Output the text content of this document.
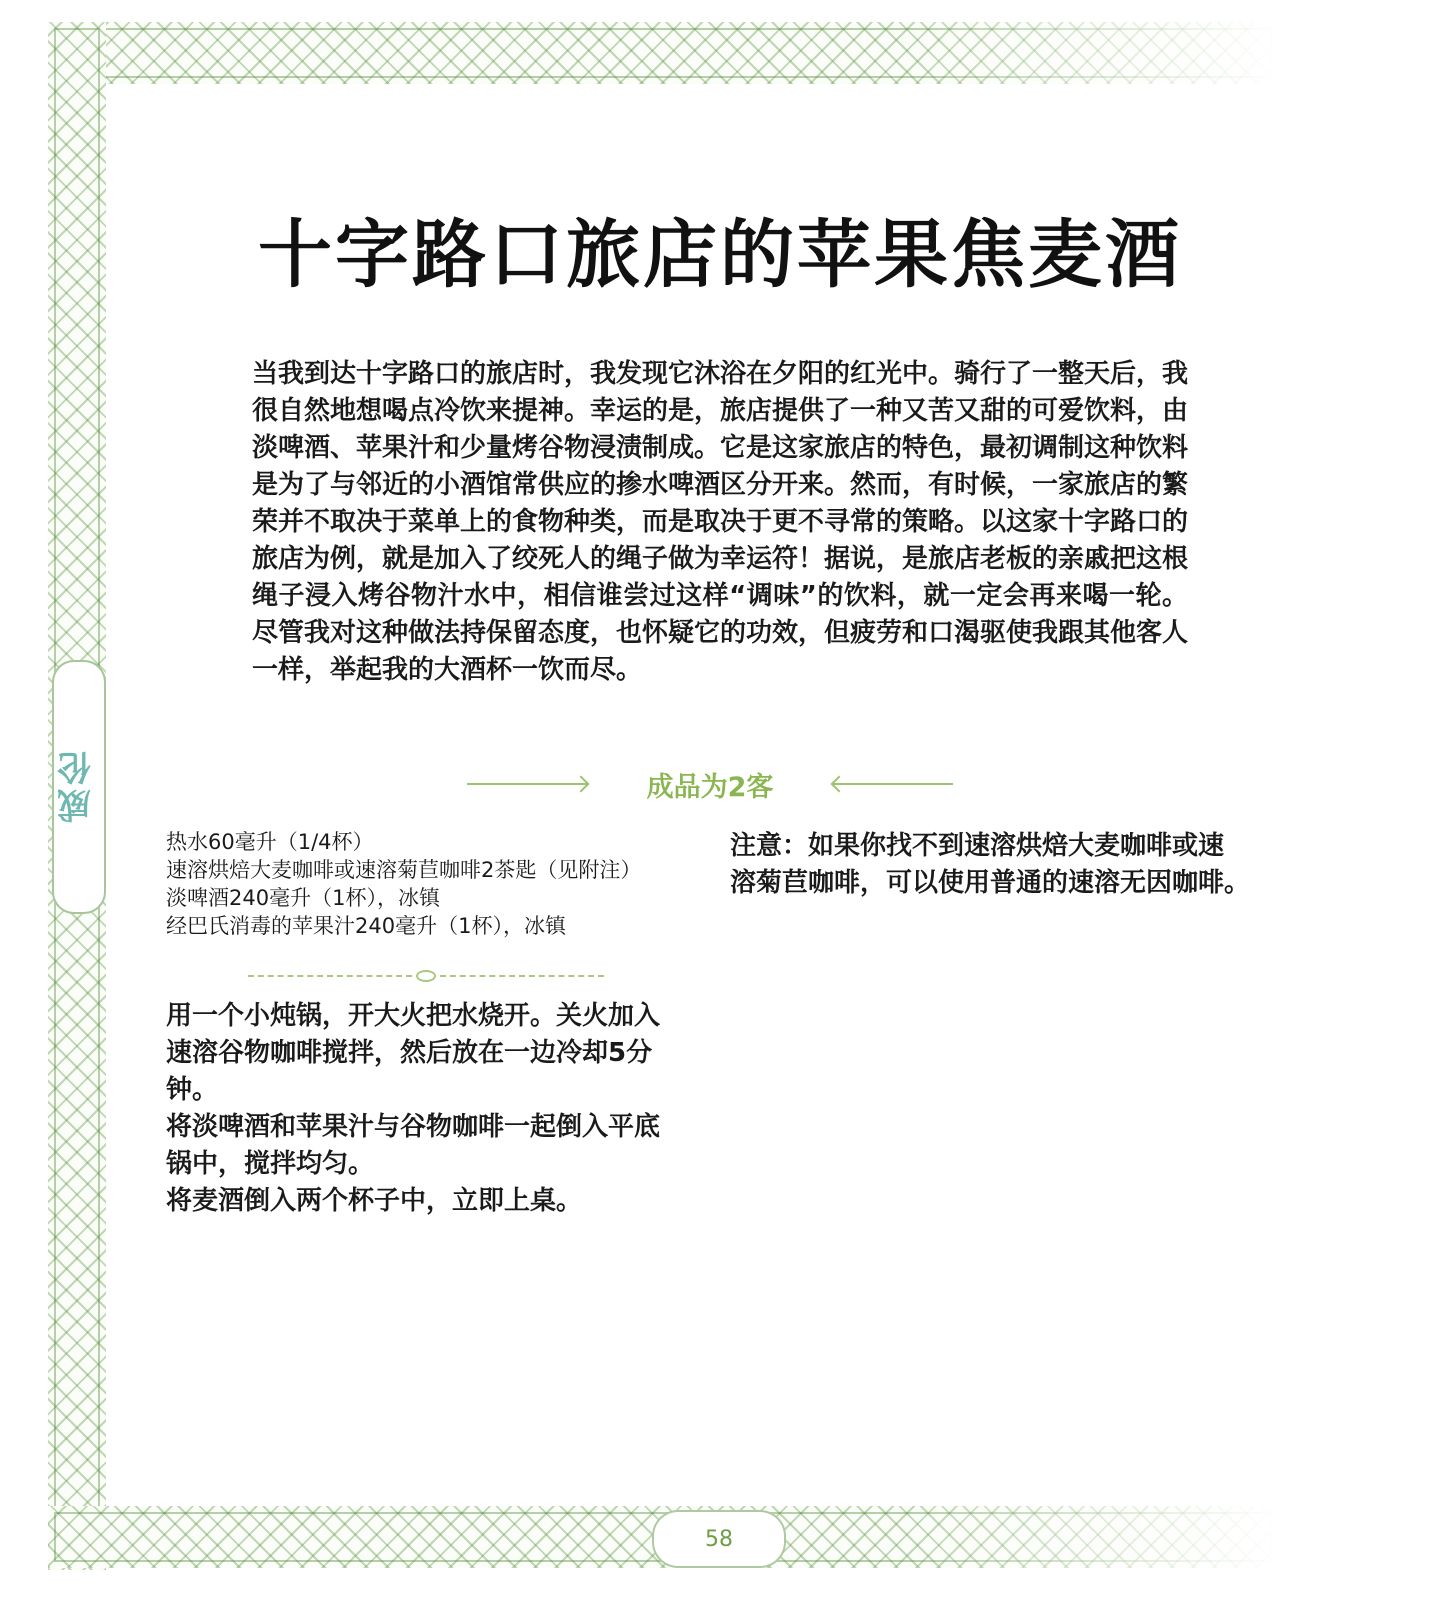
威伦
十字路口旅店的苹果焦麦酒
当我到达十字路口的旅店时，我发现它沐浴在夕阳的红光中。骑行了一整天后，我很自然地想喝点冷饮来提神。幸运的是，旅店提供了一种又苦又甜的可爱饮料，由淡啤酒、苹果汁和少量烤谷物浸渍制成。它是这家旅店的特色，最初调制这种饮料是为了与邻近的小酒馆常供应的掺水啤酒区分开来。然而，有时候，一家旅店的繁荣并不取决于菜单上的食物种类，而是取决于更不寻常的策略。以这家十字路口的旅店为例，就是加入了绞死人的绳子做为幸运符！据说，是旅店老板的亲戚把这根绳子浸入烤谷物汁水中，相信谁尝过这样“调味”的饮料，就一定会再来喝一轮。尽管我对这种做法持保留态度，也怀疑它的功效，但疲劳和口渴驱使我跟其他客人一样，举起我的大酒杯一饮而尽。
成品为2客
热水60毫升（1/4杯）
速溶烘焙大麦咖啡或速溶菊苣咖啡2茶匙（见附注）
淡啤酒240毫升（1杯），冰镇
经巴氏消毒的苹果汁240毫升（1杯），冰镇
注意：如果你找不到速溶烘焙大麦咖啡或速溶菊苣咖啡，可以使用普通的速溶无因咖啡。

用一个小炖锅，开大火把水烧开。关火加入速溶谷物咖啡搅拌，然后放在一边冷却5分钟。

将淡啤酒和苹果汁与谷物咖啡一起倒入平底锅中，搅拌均匀。

将麦酒倒入两个杯子中，立即上桌。

58
